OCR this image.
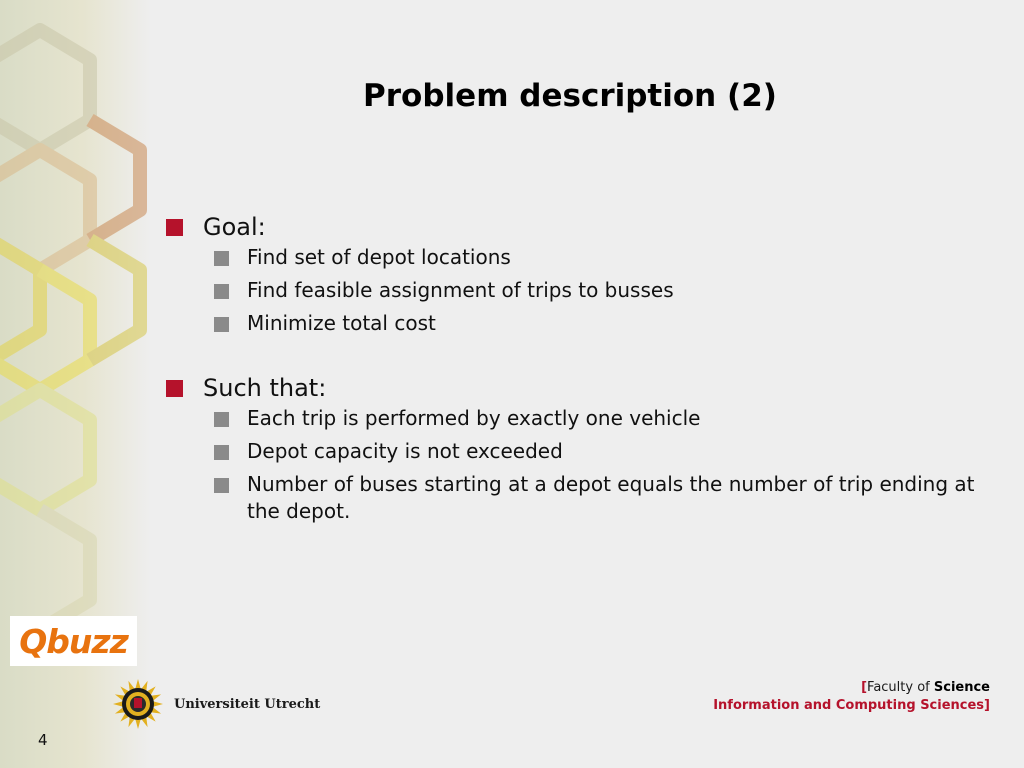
Problem description (2)
Goal:
Find set of depot locations
Find feasible assignment of trips to busses
Minimize total cost
Such that:
Each trip is performed by exactly one vehicle
Depot capacity is not exceeded
Number of buses starting at a depot equals the number of trip ending at the depot.
Qbuzz
Universiteit Utrecht
[Faculty of Science
Information and Computing Sciences]
4
